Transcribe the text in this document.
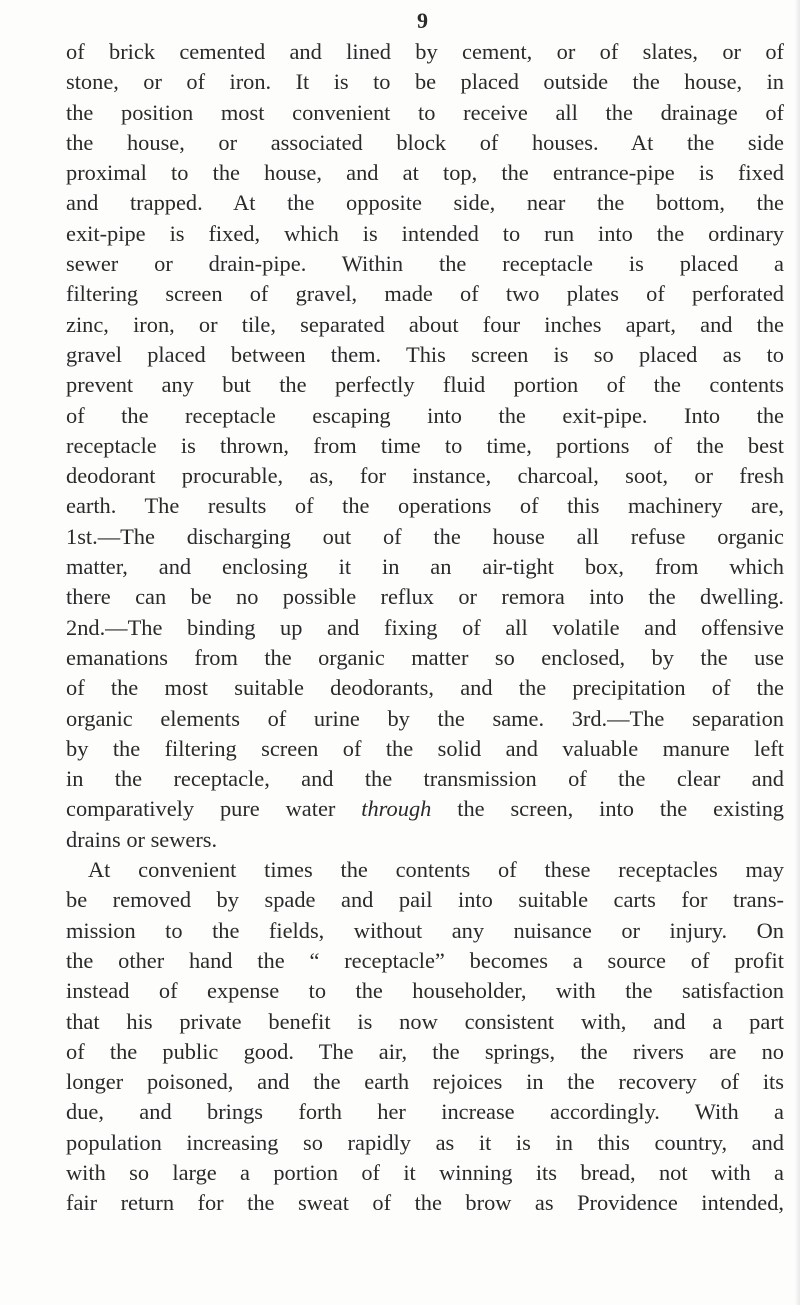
9
of brick cemented and lined by cement, or of slates, or of
stone, or of iron. It is to be placed outside the house, in
the position most convenient to receive all the drainage of
the house, or associated block of houses. At the side
proximal to the house, and at top, the entrance-pipe is fixed
and trapped. At the opposite side, near the bottom, the
exit-pipe is fixed, which is intended to run into the ordinary
sewer or drain-pipe. Within the receptacle is placed a
filtering screen of gravel, made of two plates of perforated
zinc, iron, or tile, separated about four inches apart, and the
gravel placed between them. This screen is so placed as to
prevent any but the perfectly fluid portion of the contents
of the receptacle escaping into the exit-pipe. Into the
receptacle is thrown, from time to time, portions of the best
deodorant procurable, as, for instance, charcoal, soot, or fresh
earth. The results of the operations of this machinery are,
1st.—The discharging out of the house all refuse organic
matter, and enclosing it in an air-tight box, from which
there can be no possible reflux or remora into the dwelling.
2nd.—The binding up and fixing of all volatile and offensive
emanations from the organic matter so enclosed, by the use
of the most suitable deodorants, and the precipitation of the
organic elements of urine by the same. 3rd.—The separation
by the filtering screen of the solid and valuable manure left
in the receptacle, and the transmission of the clear and
comparatively pure water through the screen, into the existing
drains or sewers.
At convenient times the contents of these receptacles may
be removed by spade and pail into suitable carts for trans-
mission to the fields, without any nuisance or injury. On
the other hand the “ receptacle” becomes a source of profit
instead of expense to the householder, with the satisfaction
that his private benefit is now consistent with, and a part
of the public good. The air, the springs, the rivers are no
longer poisoned, and the earth rejoices in the recovery of its
due, and brings forth her increase accordingly. With a
population increasing so rapidly as it is in this country, and
with so large a portion of it winning its bread, not with a
fair return for the sweat of the brow as Providence intended,
